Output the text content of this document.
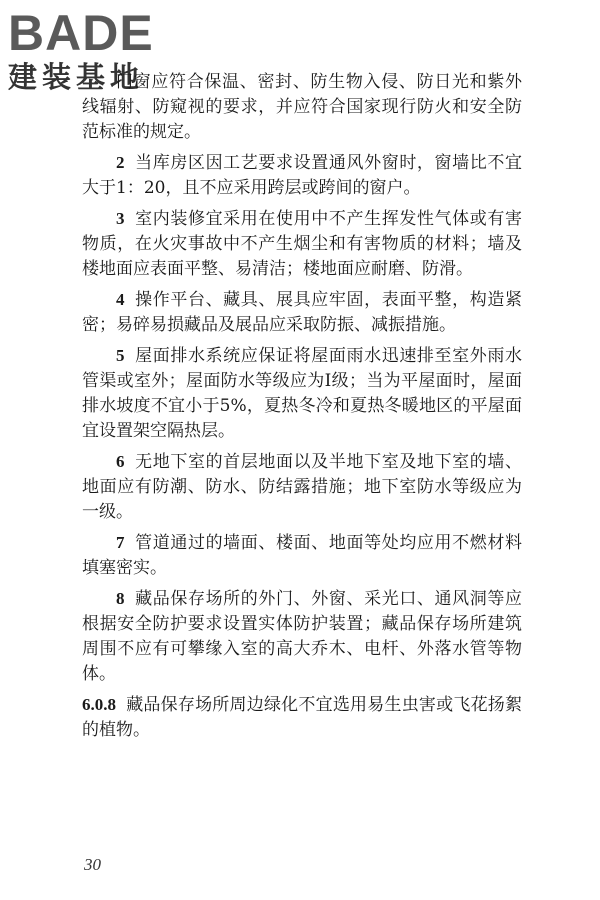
BADE
建装基地

门窗应符合保温、密封、防生物入侵、防日光和紫外线辐射、防窥视的要求，并应符合国家现行防火和安全防范标准的规定。

2 当库房区因工艺要求设置通风外窗时，窗墙比不宜大于1：20，且不应采用跨层或跨间的窗户。

3 室内装修宜采用在使用中不产生挥发性气体或有害物质，在火灾事故中不产生烟尘和有害物质的材料；墙及楼地面应表面平整、易清洁；楼地面应耐磨、防滑。

4 操作平台、藏具、展具应牢固，表面平整，构造紧密；易碎易损藏品及展品应采取防振、减振措施。

5 屋面排水系统应保证将屋面雨水迅速排至室外雨水管渠或室外；屋面防水等级应为Ⅰ级；当为平屋面时，屋面排水坡度不宜小于5%，夏热冬冷和夏热冬暖地区的平屋面宜设置架空隔热层。

6 无地下室的首层地面以及半地下室及地下室的墙、地面应有防潮、防水、防结露措施；地下室防水等级应为一级。

7 管道通过的墙面、楼面、地面等处均应用不燃材料填塞密实。

8 藏品保存场所的外门、外窗、采光口、通风洞等应根据安全防护要求设置实体防护装置；藏品保存场所建筑周围不应有可攀缘入室的高大乔木、电杆、外落水管等物体。

6.0.8 藏品保存场所周边绿化不宜选用易生虫害或飞花扬絮的植物。

30
